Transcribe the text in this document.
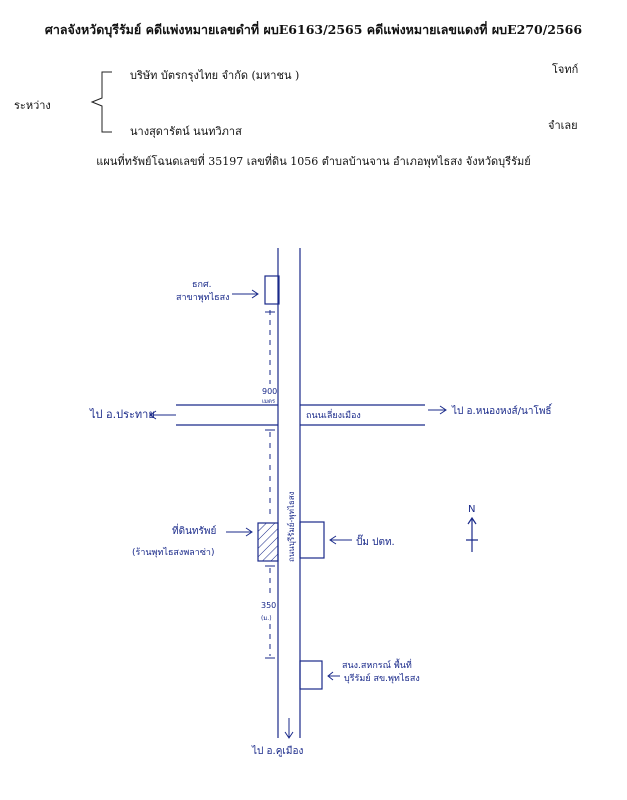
ศาลจังหวัดบุรีรัมย์ คดีแพ่งหมายเลขดำที่ ผบE6163/2565 คดีแพ่งหมายเลขแดงที่ ผบE270/2566
ระหว่าง
บริษัท บัตรกรุงไทย จำกัด (มหาชน )	โจทก์
นางสุดารัตน์ นนทวิภาส	จำเลย
แผนที่ทรัพย์โฉนดเลขที่ 35197 เลขที่ดิน 1056 ตำบลบ้านจาน อำเภอพุทไธสง จังหวัดบุรีรัมย์
ธกศ.
สาขาพุทไธสง
900
เมตร
ไป อ.ประทาย	ไป อ.หนองหงส์/นาโพธิ์
ถนนเลี่ยงเมือง
ที่ดินทรัพย์
(ร้านพุทไธสงพลาซ่า)
ปั๊ม ปตท.
ถนนบุรีรัมย์-พุทไธสง
350
(ม.)
สนง.สหกรณ์ พื้นที่
บุรีรัมย์ สข.พุทไธสง
ไป อ.คูเมือง
N
